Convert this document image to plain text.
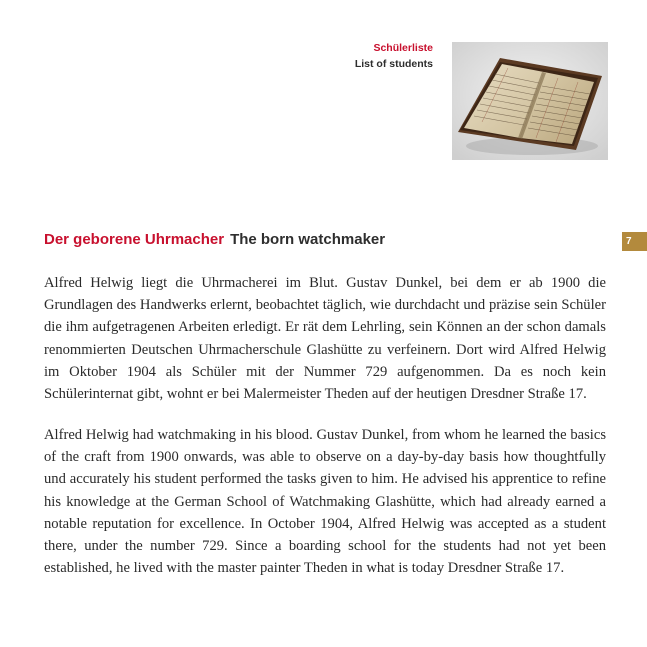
Schülerliste
List of students
7
Der geborene Uhrmacher The born watchmaker

Alfred Helwig liegt die Uhrmacherei im Blut. Gustav Dunkel, bei dem er ab 1900 die Grundlagen des Handwerks erlernt, beobachtet täglich, wie durchdacht und präzise sein Schüler die ihm aufgetragenen Arbeiten erledigt. Er rät dem Lehrling, sein Können an der schon damals renommierten Deutschen Uhrmacherschule Glashütte zu verfeinern. Dort wird Alfred Helwig im Oktober 1904 als Schüler mit der Nummer 729 aufgenommen. Da es noch kein Schülerinternat gibt, wohnt er bei Malermeister Theden auf der heutigen Dresdner Straße 17.

Alfred Helwig had watchmaking in his blood. Gustav Dunkel, from whom he learned the basics of the craft from 1900 onwards, was able to observe on a day-by-day basis how thoughtfully und accurately his student performed the tasks given to him. He advised his apprentice to refine his knowledge at the German School of Watchmaking Glashütte, which had already earned a notable reputation for excellence. In October 1904, Alfred Helwig was accepted as a student there, under the number 729. Since a boarding school for the students had not yet been established, he lived with the master painter Theden in what is today Dresdner Straße 17.
